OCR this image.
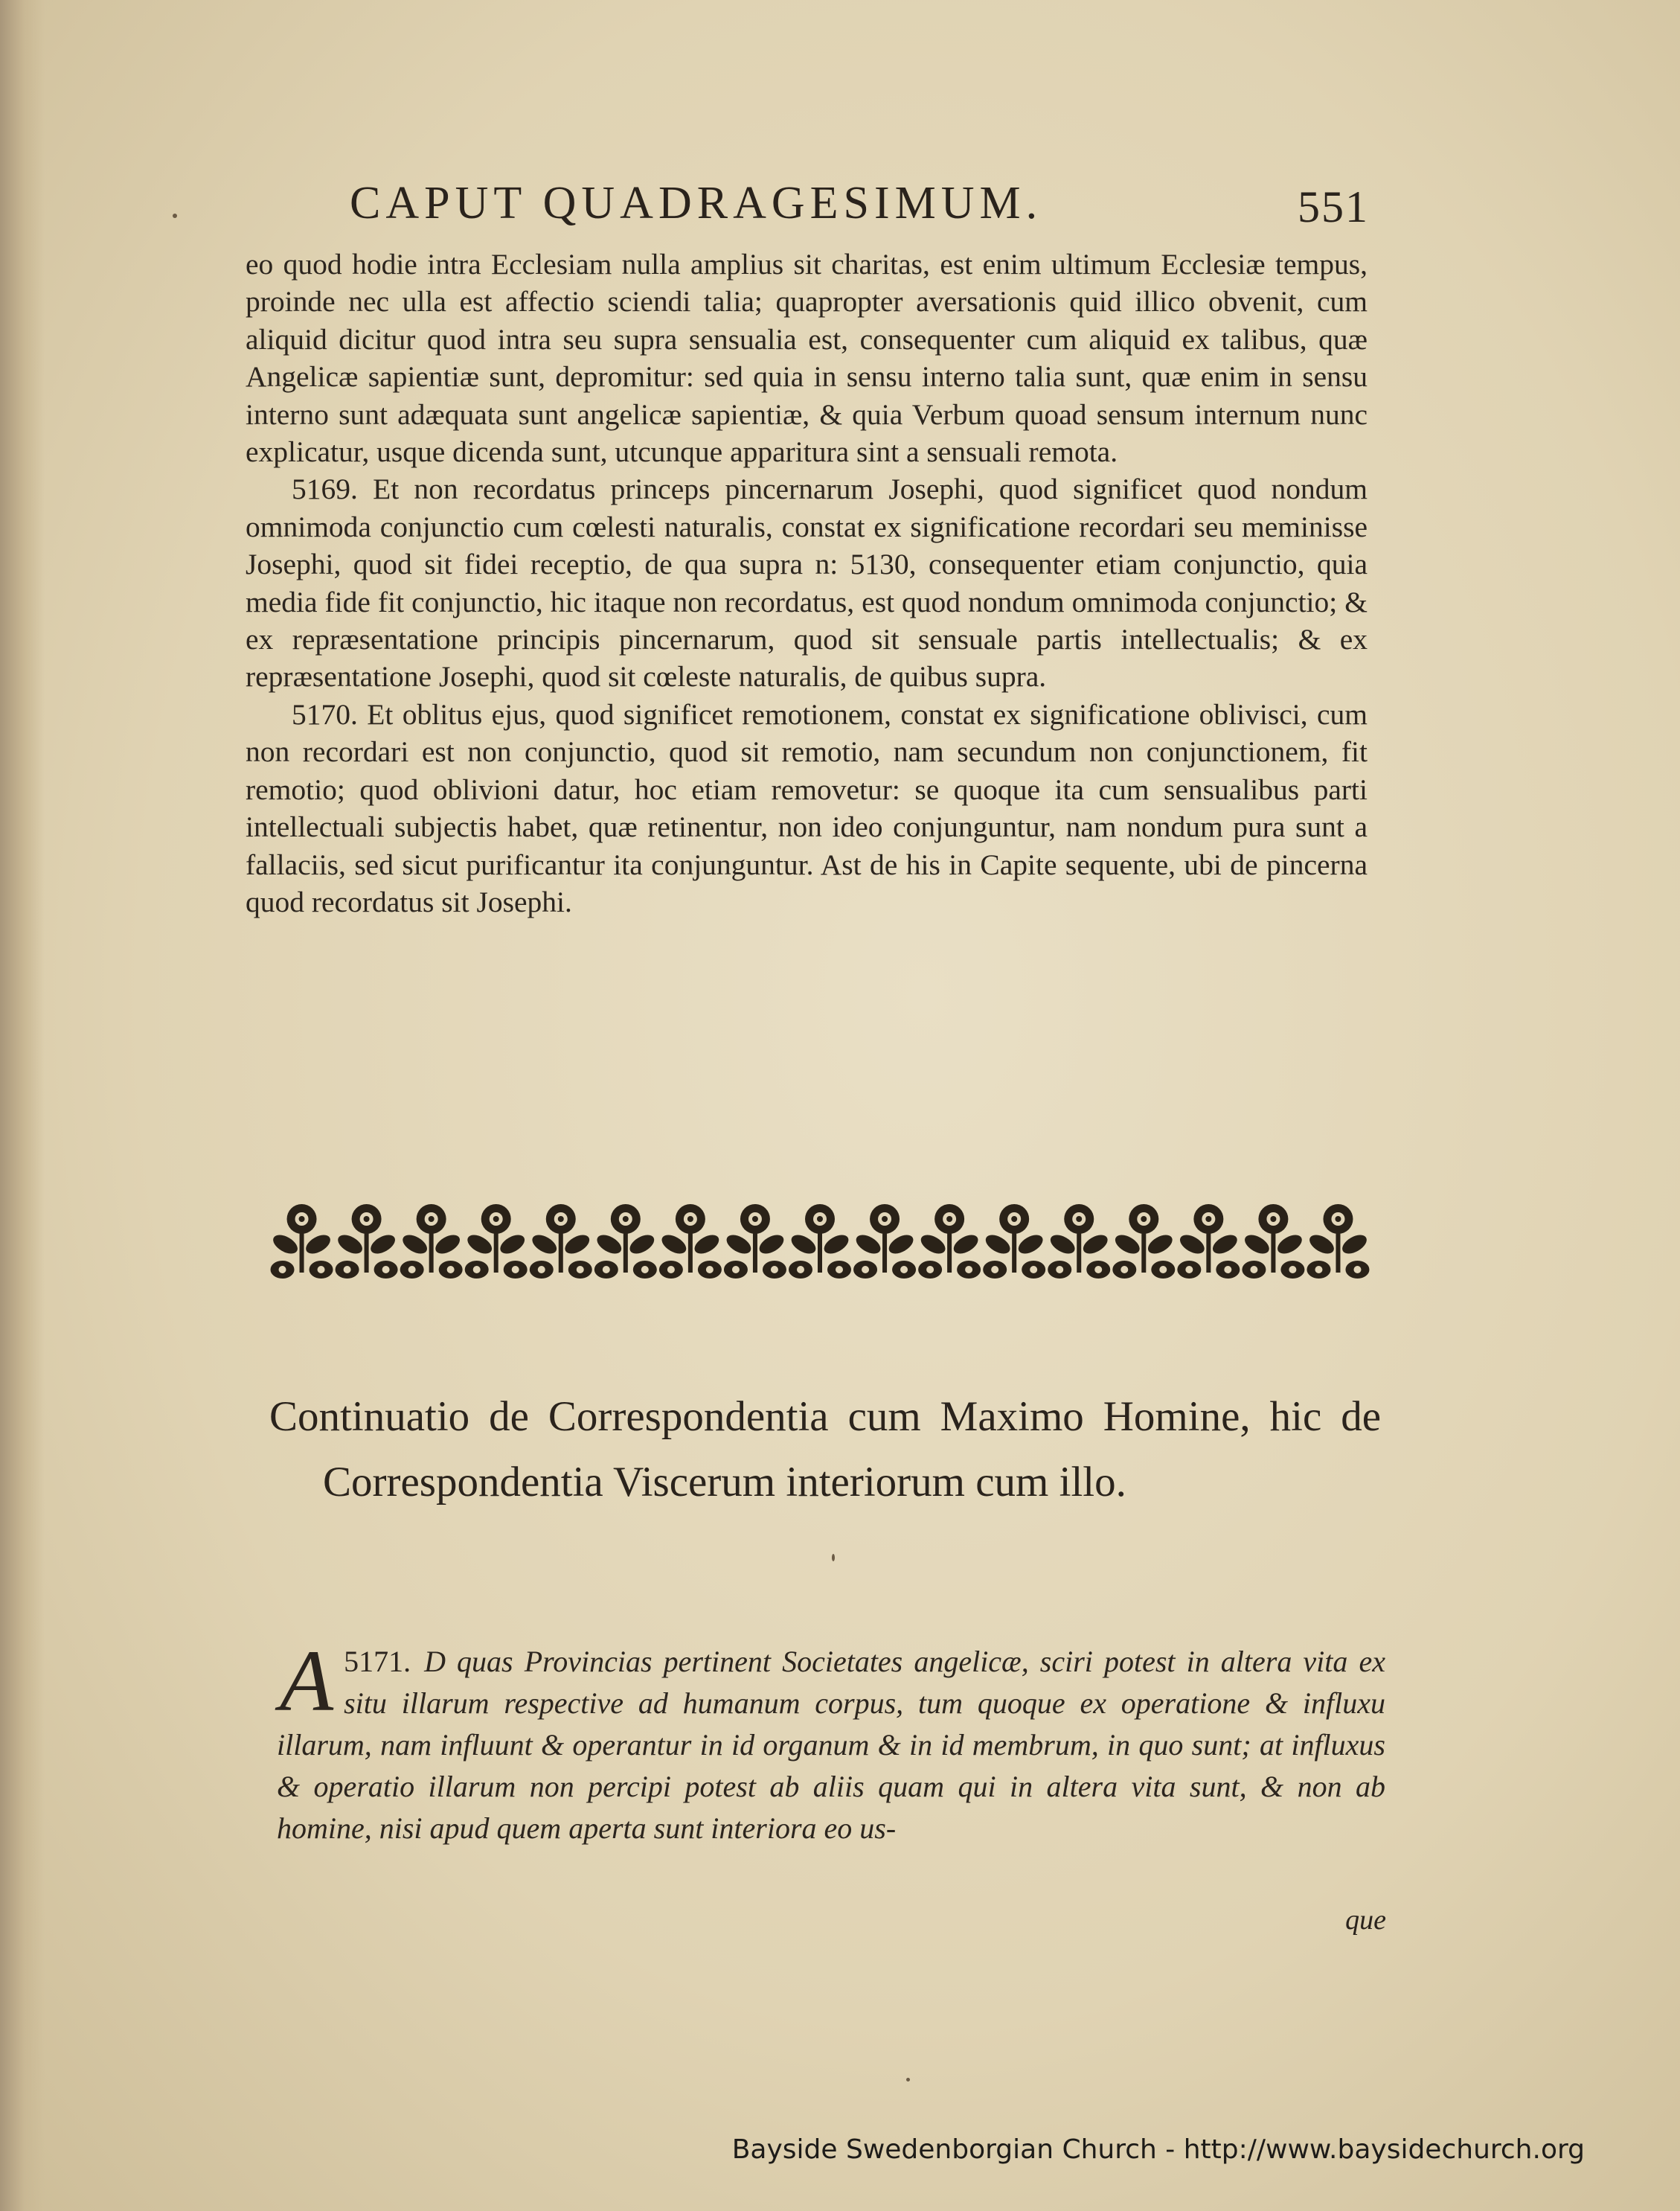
CAPUT QUADRAGESIMUM.	551

eo quod hodie intra Ecclesiam nulla amplius sit charitas, est enim ultimum Ecclesiæ tempus, proinde nec ulla est affectio sciendi talia; quapropter aversationis quid illico obvenit, cum aliquid dicitur quod intra seu supra sensualia est, consequenter cum aliquid ex talibus, quæ Angelicæ sapientiæ sunt, depromitur: sed quia in sensu interno talia sunt, quæ enim in sensu interno sunt adæquata sunt angelicæ sapientiæ, & quia Verbum quoad sensum internum nunc explicatur, usque dicenda sunt, utcunque apparitura sint a sensuali remota.

5169. Et non recordatus princeps pincernarum Josephi, quod significet quod nondum omnimoda conjunctio cum cœlesti naturalis, constat ex significatione recordari seu meminisse Josephi, quod sit fidei receptio, de qua supra n: 5130, consequenter etiam conjunctio, quia media fide fit conjunctio, hic itaque non recordatus, est quod nondum omnimoda conjunctio; & ex repræsentatione principis pincernarum, quod sit sensuale partis intellectualis; & ex repræsentatione Josephi, quod sit cœleste naturalis, de quibus supra.

5170. Et oblitus ejus, quod significet remotionem, constat ex significatione oblivisci, cum non recordari est non conjunctio, quod sit remotio, nam secundum non conjunctionem, fit remotio; quod oblivioni datur, hoc etiam removetur: se quoque ita cum sensualibus parti intellectuali subjectis habet, quæ retinentur, non ideo conjunguntur, nam nondum pura sunt a fallaciis, sed sicut purificantur ita conjunguntur. Ast de his in Capite sequente, ubi de pincerna quod recordatus sit Josephi.

Continuatio de Correspondentia cum Maximo Homine, hic de Correspondentia Viscerum interiorum cum illo.
A 5171. D quas Provincias pertinent Societates angelicæ, sciri potest in altera vita ex situ illarum respective ad humanum corpus, tum quoque ex operatione & influxu illarum, nam influunt & operantur in id organum & in id membrum, in quo sunt; at influxus & operatio illarum non percipi potest ab aliis quam qui in altera vita sunt, & non ab homine, nisi apud quem aperta sunt interiora eo us-
que
Bayside Swedenborgian Church - http://www.baysidechurch.org
